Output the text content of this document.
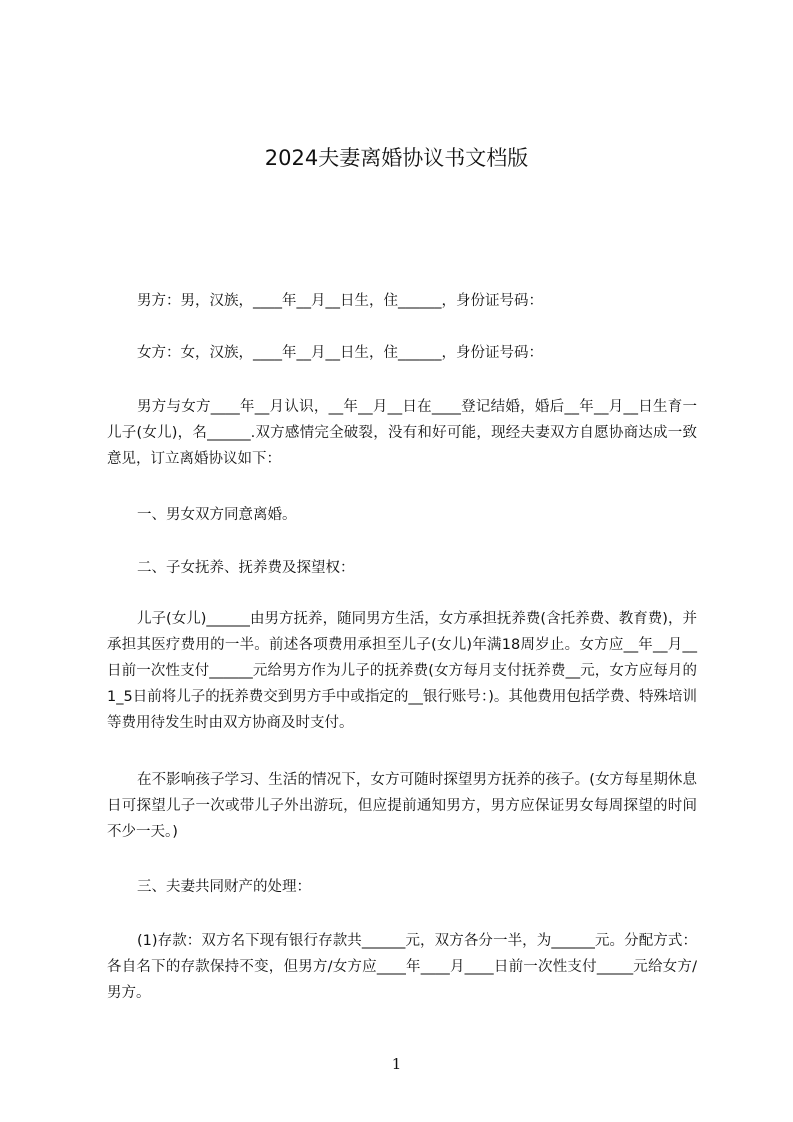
2024夫妻离婚协议书文档版

男方：男，汉族，____年__月__日生，住______，身份证号码：

女方：女，汉族，____年__月__日生，住______，身份证号码：

男方与女方____年__月认识，__年__月__日在____登记结婚，婚后__年__月__日生育一儿子(女儿)，名______.双方感情完全破裂，没有和好可能，现经夫妻双方自愿协商达成一致意见，订立离婚协议如下：

一、男女双方同意离婚。

二、子女抚养、抚养费及探望权：

儿子(女儿)______由男方抚养，随同男方生活，女方承担抚养费(含托养费、教育费)，并承担其医疗费用的一半。前述各项费用承担至儿子(女儿)年满18周岁止。女方应__年__月__日前一次性支付______元给男方作为儿子的抚养费(女方每月支付抚养费__元，女方应每月的1_5日前将儿子的抚养费交到男方手中或指定的__银行账号：)。其他费用包括学费、特殊培训等费用待发生时由双方协商及时支付。

在不影响孩子学习、生活的情况下，女方可随时探望男方抚养的孩子。(女方每星期休息日可探望儿子一次或带儿子外出游玩，但应提前通知男方，男方应保证男女每周探望的时间不少一天。)

三、夫妻共同财产的处理：

(1)存款：双方名下现有银行存款共______元，双方各分一半，为______元。分配方式：各自名下的存款保持不变，但男方/女方应____年____月____日前一次性支付_____元给女方/男方。

1
